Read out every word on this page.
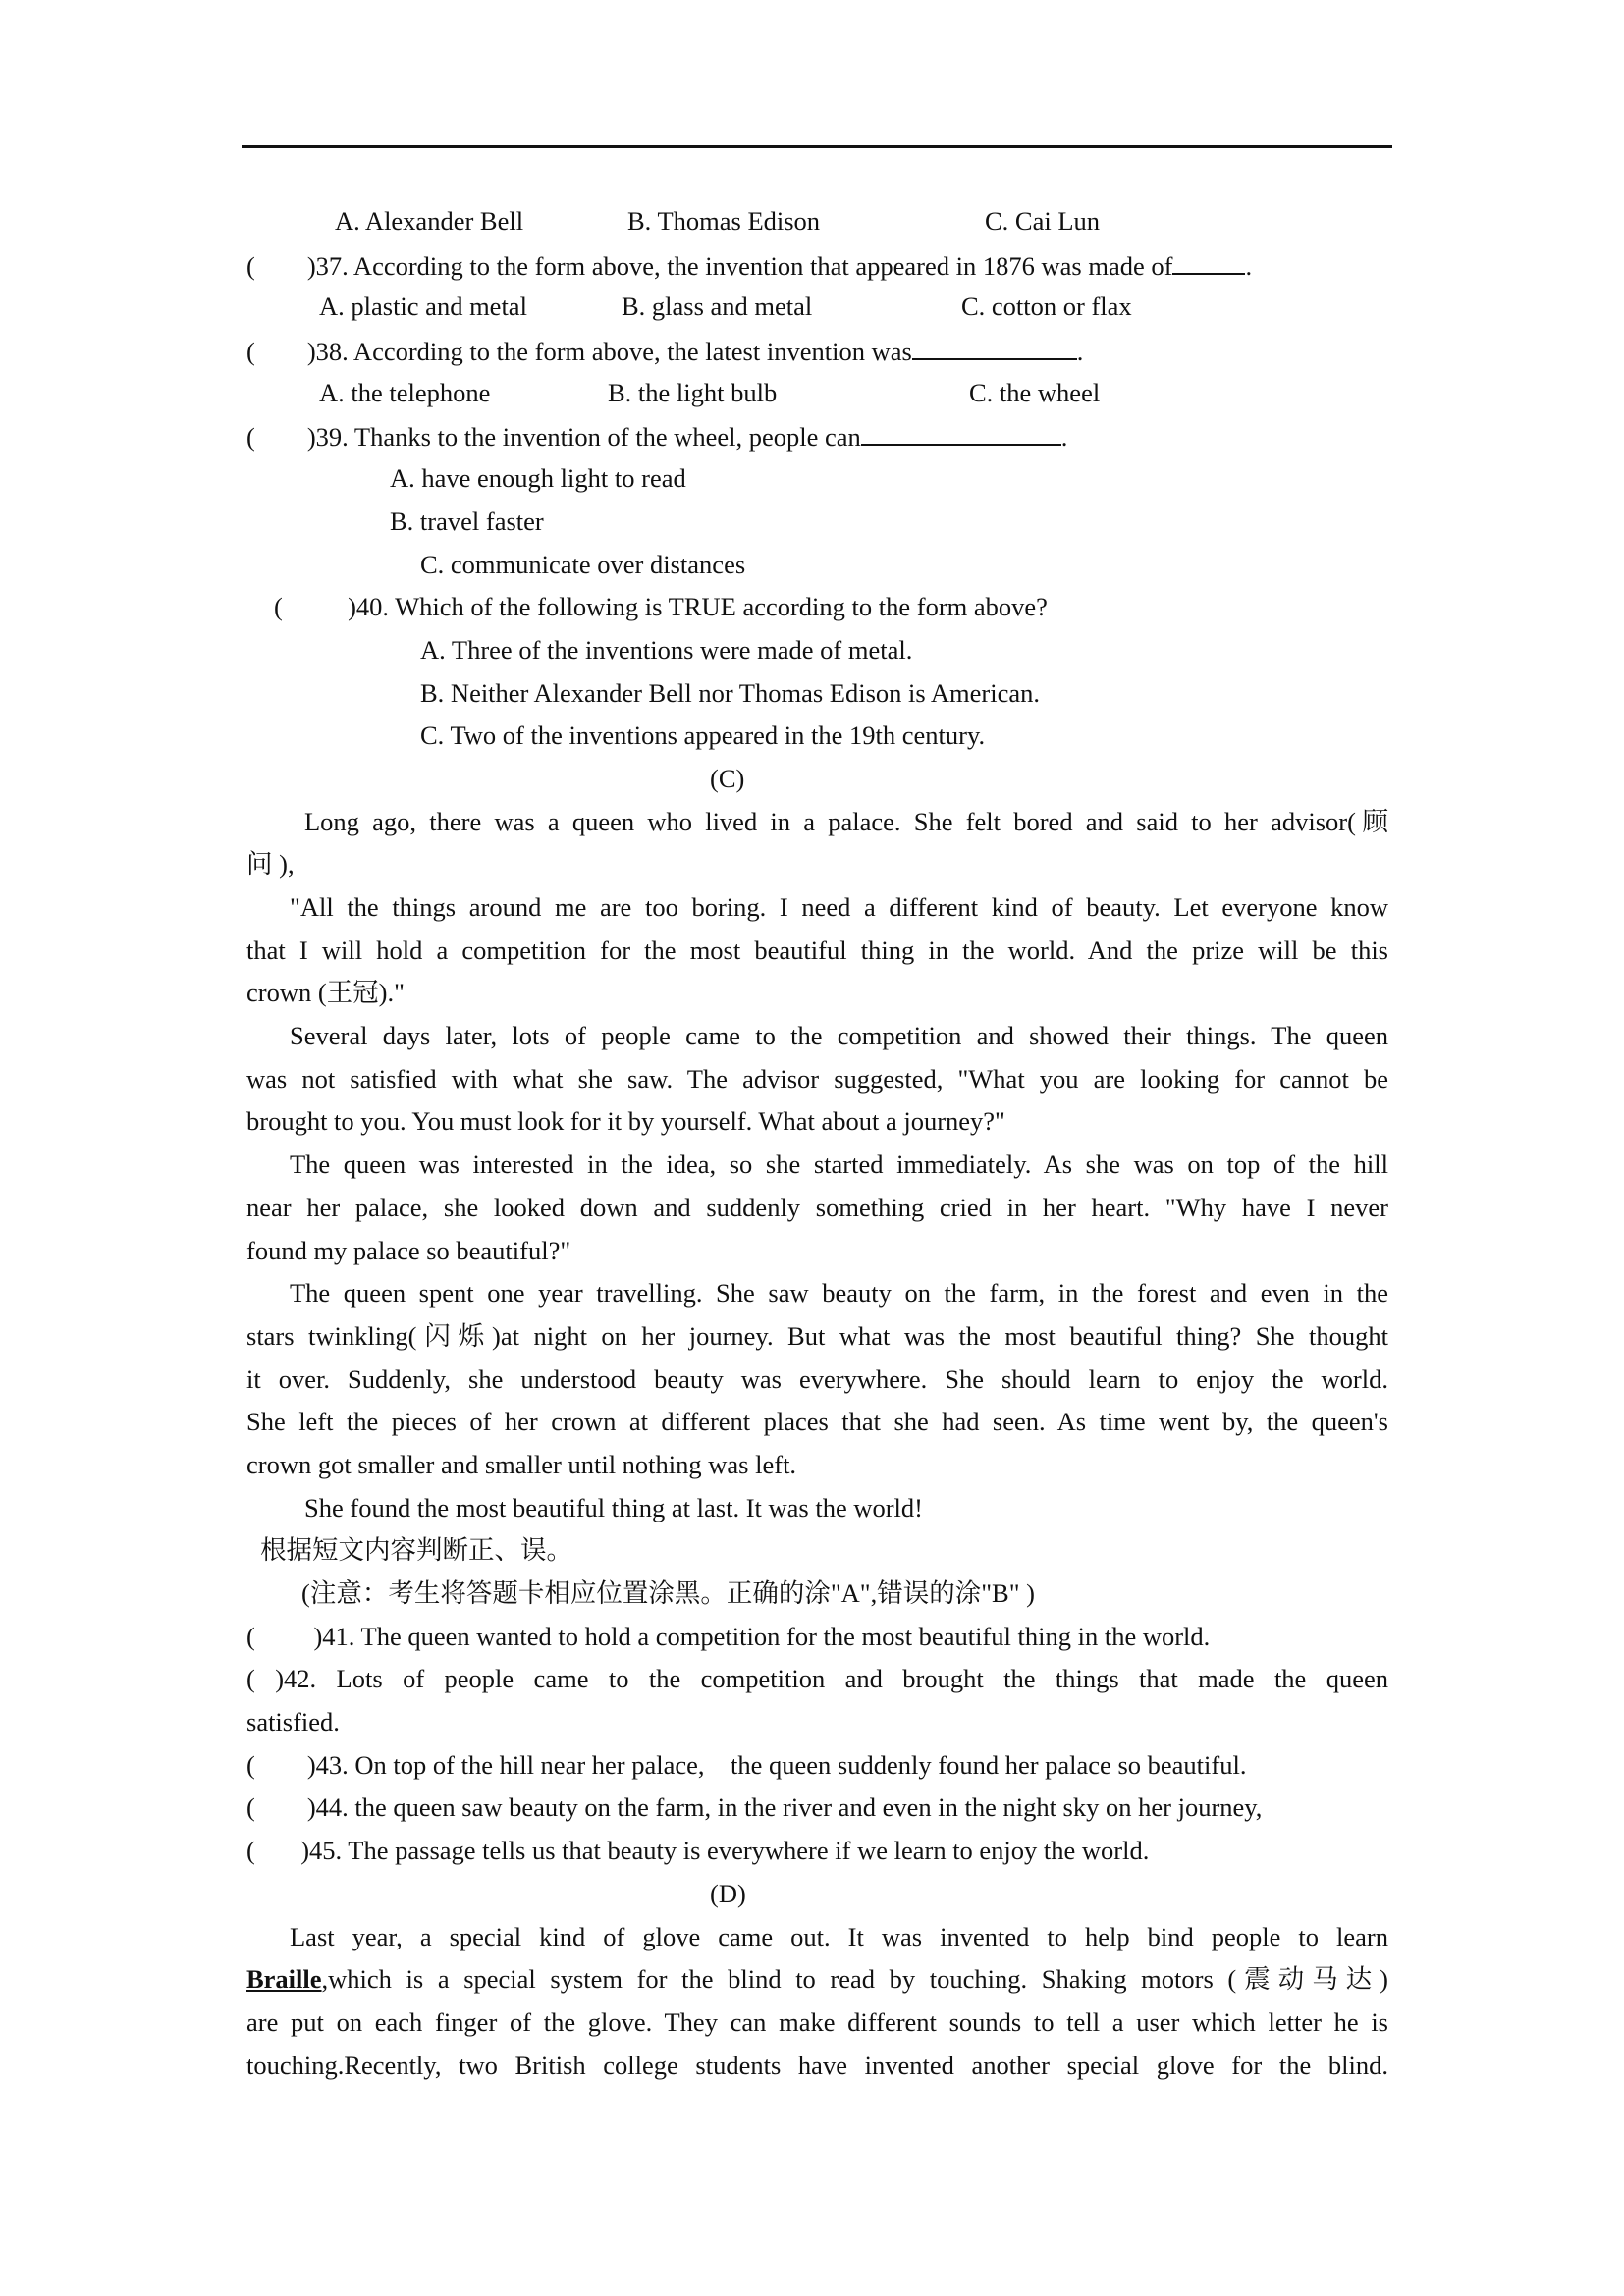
A. Alexander Bell	B. Thomas Edison	C. Cai Lun
(        )37. According to the form above, the invention that appeared in 1876 was made of	.
A. plastic and metal	B. glass and metal	C. cotton or flax
(        )38. According to the form above, the latest invention was	.
A. the telephone	B. the light bulb	C. the wheel
(        )39. Thanks to the invention of the wheel, people can	.
A. have enough light to read
B. travel faster
C. communicate over distances
(          )40. Which of the following is TRUE according to the form above?
A. Three of the inventions were made of metal.
B. Neither Alexander Bell nor Thomas Edison is American.
C. Two of the inventions appeared in the 19th century.
(C)
Long ago, there was a queen who lived in a palace. She felt bored and said to her advisor(顾
问 ),
"All the things around me are too boring. I need a different kind of beauty. Let everyone know
that I will hold a competition for the most beautiful thing in the world. And the prize will be this
crown (王冠)."
Several days later, lots of people came to the competition and showed their things. The queen
was not satisfied with what she saw. The advisor suggested, "What you are looking for cannot be
brought to you. You must look for it by yourself. What about a journey?"
The queen was interested in the idea, so she started immediately. As she was on top of the hill
near her palace, she looked down and suddenly something cried in her heart. "Why have I never
found my palace so beautiful?"
The queen spent one year travelling. She saw beauty on the farm, in the forest and even in the
stars twinkling(闪烁)at night on her journey. But what was the most beautiful thing? She thought
it over. Suddenly, she understood beauty was everywhere. She should learn to enjoy the world.
She left the pieces of her crown at different places that she had seen. As time went by, the queen's
crown got smaller and smaller until nothing was left.
She found the most beautiful thing at last. It was the world!
根据短文内容判断正、误。
(注意：考生将答题卡相应位置涂黑。正确的涂"A",错误的涂"B" )
(         )41. The queen wanted to hold a competition for the most beautiful thing in the world.
( )42. Lots of people came to the competition and brought the things that made the queen
satisfied.
(        )43. On top of the hill near her palace,    the queen suddenly found her palace so beautiful.
(        )44. the queen saw beauty on the farm, in the river and even in the night sky on her journey,
(       )45. The passage tells us that beauty is everywhere if we learn to enjoy the world.
(D)
Last year, a special kind of glove came out. It was invented to help bind people to learn
Braille,which is a special system for the blind to read by touching. Shaking motors (震动马达)
are put on each finger of the glove. They can make different sounds to tell a user which letter he is
touching.Recently, two British college students have invented another special glove for the blind.
